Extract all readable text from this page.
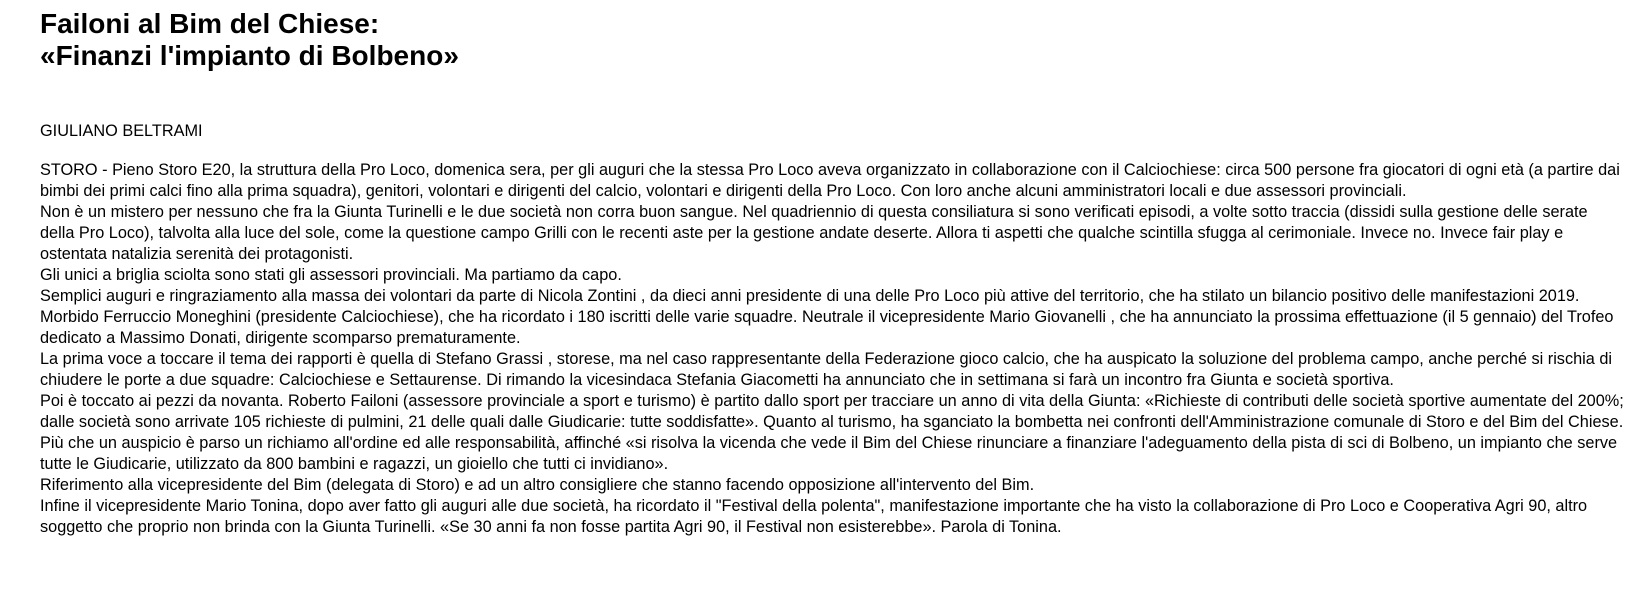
Failoni al Bim del Chiese:
«Finanzi l'impianto di Bolbeno»

GIULIANO BELTRAMI

STORO - Pieno Storo E20, la struttura della Pro Loco, domenica sera, per gli auguri che la stessa Pro Loco aveva organizzato in collaborazione con il Calciochiese: circa 500 persone fra giocatori di ogni età (a partire dai bimbi dei primi calci fino alla prima squadra), genitori, volontari e dirigenti del calcio, volontari e dirigenti della Pro Loco. Con loro anche alcuni amministratori locali e due assessori provinciali.

Non è un mistero per nessuno che fra la Giunta Turinelli e le due società non corra buon sangue. Nel quadriennio di questa consiliatura si sono verificati episodi, a volte sotto traccia (dissidi sulla gestione delle serate della Pro Loco), talvolta alla luce del sole, come la questione campo Grilli con le recenti aste per la gestione andate deserte. Allora ti aspetti che qualche scintilla sfugga al cerimoniale. Invece no. Invece fair play e ostentata natalizia serenità dei protagonisti.

Gli unici a briglia sciolta sono stati gli assessori provinciali. Ma partiamo da capo.

Semplici auguri e ringraziamento alla massa dei volontari da parte di Nicola Zontini , da dieci anni presidente di una delle Pro Loco più attive del territorio, che ha stilato un bilancio positivo delle manifestazioni 2019. Morbido Ferruccio Moneghini (presidente Calciochiese), che ha ricordato i 180 iscritti delle varie squadre. Neutrale il vicepresidente Mario Giovanelli , che ha annunciato la prossima effettuazione (il 5 gennaio) del Trofeo dedicato a Massimo Donati, dirigente scomparso prematuramente.

La prima voce a toccare il tema dei rapporti è quella di Stefano Grassi , storese, ma nel caso rappresentante della Federazione gioco calcio, che ha auspicato la soluzione del problema campo, anche perché si rischia di chiudere le porte a due squadre: Calciochiese e Settaurense. Di rimando la vicesindaca Stefania Giacometti ha annunciato che in settimana si farà un incontro fra Giunta e società sportiva.

Poi è toccato ai pezzi da novanta. Roberto Failoni (assessore provinciale a sport e turismo) è partito dallo sport per tracciare un anno di vita della Giunta: «Richieste di contributi delle società sportive aumentate del 200%; dalle società sono arrivate 105 richieste di pulmini, 21 delle quali dalle Giudicarie: tutte soddisfatte». Quanto al turismo, ha sganciato la bombetta nei confronti dell'Amministrazione comunale di Storo e del Bim del Chiese. Più che un auspicio è parso un richiamo all'ordine ed alle responsabilità, affinché «si risolva la vicenda che vede il Bim del Chiese rinunciare a finanziare l'adeguamento della pista di sci di Bolbeno, un impianto che serve tutte le Giudicarie, utilizzato da 800 bambini e ragazzi, un gioiello che tutti ci invidiano».

Riferimento alla vicepresidente del Bim (delegata di Storo) e ad un altro consigliere che stanno facendo opposizione all'intervento del Bim.

Infine il vicepresidente Mario Tonina, dopo aver fatto gli auguri alle due società, ha ricordato il "Festival della polenta", manifestazione importante che ha visto la collaborazione di Pro Loco e Cooperativa Agri 90, altro soggetto che proprio non brinda con la Giunta Turinelli. «Se 30 anni fa non fosse partita Agri 90, il Festival non esisterebbe». Parola di Tonina.
